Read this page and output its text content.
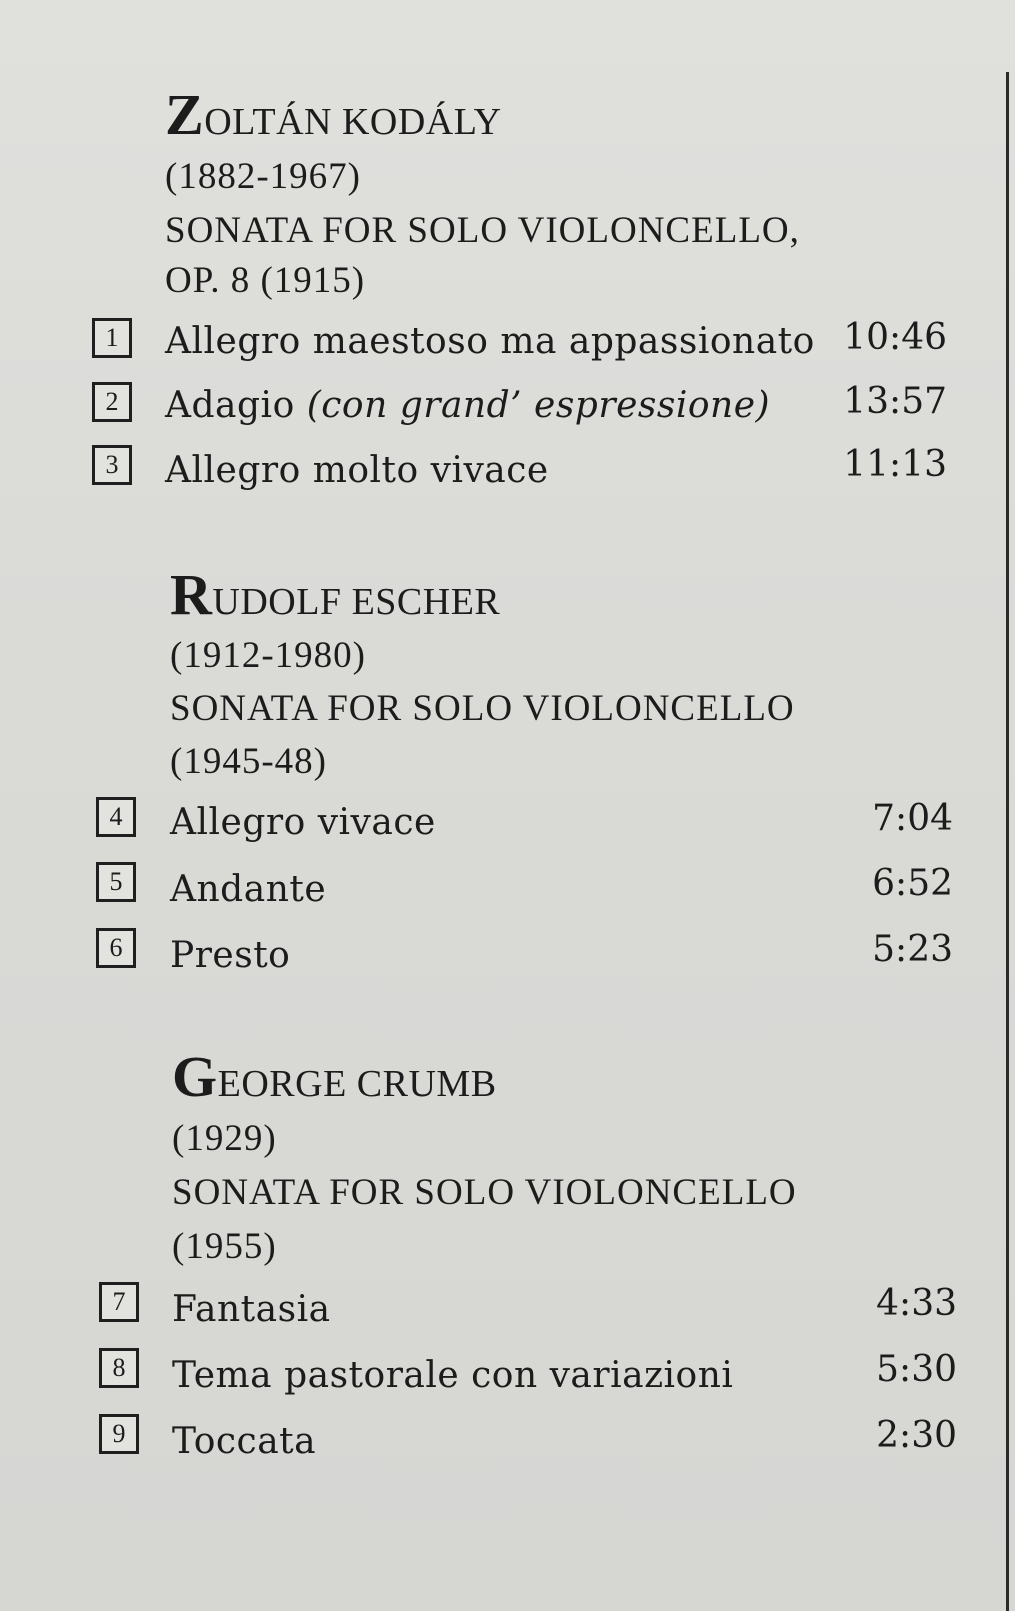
ZOLTÁN KODÁLY
(1882-1967)
SONATA FOR SOLO VIOLONCELLO,
OP. 8 (1915)
1	Allegro maestoso ma appassionato 10:46
2	Adagio (con grand’ espressione) 13:57
3	Allegro molto vivace	11:13
RUDOLF ESCHER
(1912-1980)
SONATA FOR SOLO VIOLONCELLO
(1945-48)
4	Allegro vivace	7:04
5	Andante	6:52
6	Presto	5:23
GEORGE CRUMB
(1929)
SONATA FOR SOLO VIOLONCELLO
(1955)
7	Fantasia	4:33
8	Tema pastorale con variazioni	5:30
9	Toccata	2:30
